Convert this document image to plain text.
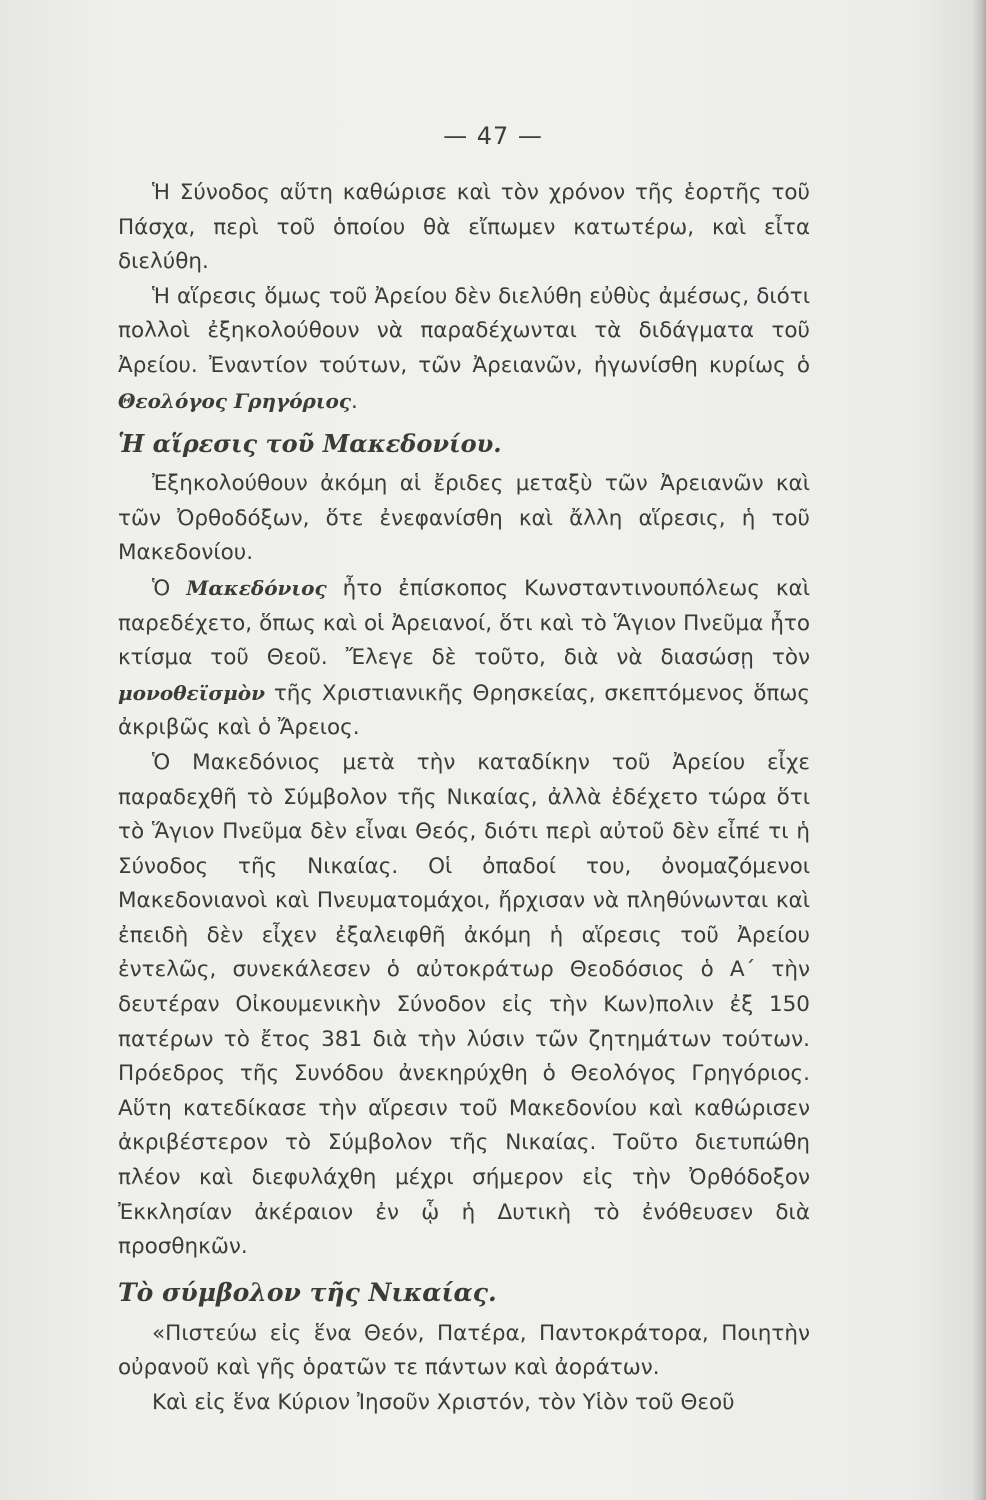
— 47 —

Ἡ Σύνοδος αὕτη καθώρισε καὶ τὸν χρόνον τῆς ἑορτῆς τοῦ Πάσχα, περὶ τοῦ ὁποίου θὰ εἴπωμεν κατωτέρω, καὶ εἶτα διελύθη.

Ἡ αἵρεσις ὅμως τοῦ Ἀρείου δὲν διελύθη εὐθὺς ἀμέσως, διότι πολλοὶ ἐξηκολούθουν νὰ παραδέχωνται τὰ διδάγματα τοῦ Ἀρείου. Ἐναντίον τούτων, τῶν Ἀρειανῶν, ἠγωνίσθη κυρίως ὁ Θεολόγος Γρηγόριος.

Ἡ αἵρεσις τοῦ Μακεδονίου.

Ἐξηκολούθουν ἀκόμη αἱ ἔριδες μεταξὺ τῶν Ἀρειανῶν καὶ τῶν Ὀρθοδόξων, ὅτε ἐνεφανίσθη καὶ ἄλλη αἵρεσις, ἡ τοῦ Μακεδονίου.

Ὁ Μακεδόνιος ἦτο ἐπίσκοπος Κωνσταντινουπόλεως καὶ παρεδέχετο, ὅπως καὶ οἱ Ἀρειανοί, ὅτι καὶ τὸ Ἅγιον Πνεῦμα ἦτο κτίσμα τοῦ Θεοῦ. Ἔλεγε δὲ τοῦτο, διὰ νὰ διασώσῃ τὸν μονοθεϊσμὸν τῆς Χριστιανικῆς Θρησκείας, σκεπτόμενος ὅπως ἀκριβῶς καὶ ὁ Ἄρειος.

Ὁ Μακεδόνιος μετὰ τὴν καταδίκην τοῦ Ἀρείου εἶχε παραδεχθῆ τὸ Σύμβολον τῆς Νικαίας, ἀλλὰ ἐδέχετο τώρα ὅτι τὸ Ἅγιον Πνεῦμα δὲν εἶναι Θεός, διότι περὶ αὐτοῦ δὲν εἶπέ τι ἡ Σύνοδος τῆς Νικαίας. Οἱ ὀπαδοί του, ὀνομαζόμενοι Μακεδονιανοὶ καὶ Πνευματομάχοι, ἤρχισαν νὰ πληθύνωνται καὶ ἐπειδὴ δὲν εἶχεν ἐξαλειφθῆ ἀκόμη ἡ αἵρεσις τοῦ Ἀρείου ἐντελῶς, συνεκάλεσεν ὁ αὐτοκράτωρ Θεοδόσιος ὁ Α΄ τὴν δευτέραν Οἰκουμενικὴν Σύνοδον εἰς τὴν Κων)πολιν ἐξ 150 πατέρων τὸ ἔτος 381 διὰ τὴν λύσιν τῶν ζητημάτων τούτων. Πρόεδρος τῆς Συνόδου ἀνεκηρύχθη ὁ Θεολόγος Γρηγόριος. Αὕτη κατεδίκασε τὴν αἵρεσιν τοῦ Μακεδονίου καὶ καθώρισεν ἀκριβέστερον τὸ Σύμβολον τῆς Νικαίας. Τοῦτο διετυπώθη πλέον καὶ διεφυλάχθη μέχρι σήμερον εἰς τὴν Ὀρθόδοξον Ἐκκλησίαν ἀκέραιον ἐν ᾧ ἡ Δυτικὴ τὸ ἐνόθευσεν διὰ προσθηκῶν.

Τὸ σύμβολον τῆς Νικαίας.

«Πιστεύω εἰς ἕνα Θεόν, Πατέρα, Παντοκράτορα, Ποιητὴν οὐρανοῦ καὶ γῆς ὁρατῶν τε πάντων καὶ ἀοράτων.

Καὶ εἰς ἕνα Κύριον Ἰησοῦν Χριστόν, τὸν Υἱὸν τοῦ Θεοῦ
